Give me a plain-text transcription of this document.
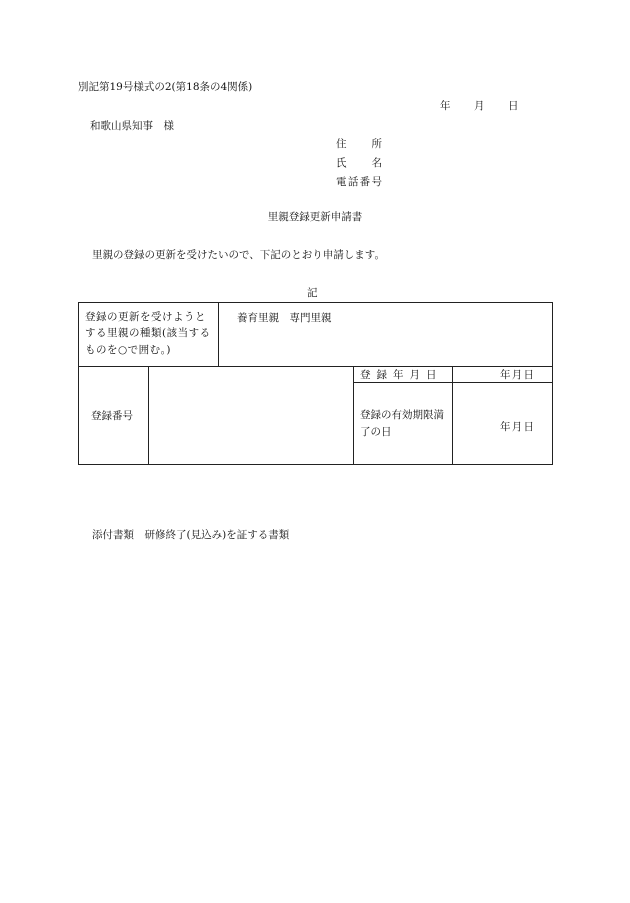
別記第19号様式の2(第18条の4関係)
年 月 日
和歌山県知事　様
住所
氏名
電話番号
里親登録更新申請書
里親の登録の更新を受けたいので、下記のとおり申請します。
記
登録の更新を受けようとする里親の種類(該当するものを○で囲む。)		養育里親　専門里親		
登録番号			登録年月日	年 月 日

			登録の有効期限満了の日	年 月 日
添付書類　研修終了(見込み)を証する書類
